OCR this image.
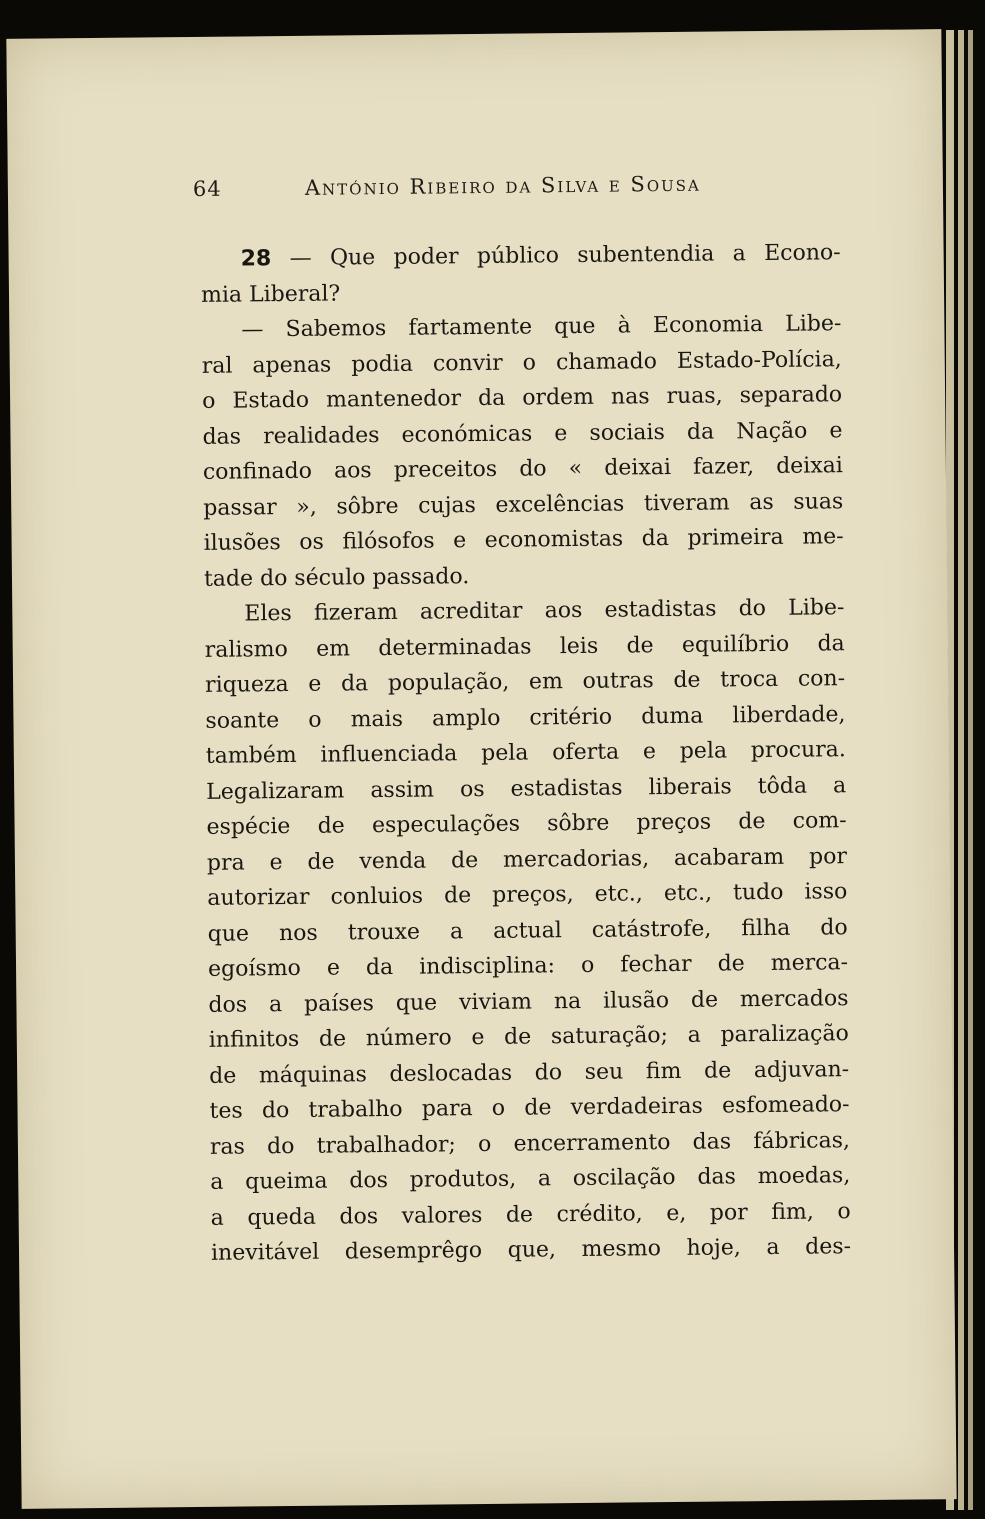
64	António Ribeiro da Silva e Sousa
28 — Que poder público subentendia a Econo-
mia Liberal?
— Sabemos fartamente que à Economia Libe-
ral apenas podia convir o chamado Estado-Polícia,
o Estado mantenedor da ordem nas ruas, separado
das realidades económicas e sociais da Nação e
confinado aos preceitos do « deixai fazer, deixai
passar », sôbre cujas excelências tiveram as suas
ilusões os filósofos e economistas da primeira me-
tade do século passado.
Eles fizeram acreditar aos estadistas do Libe-
ralismo em determinadas leis de equilíbrio da
riqueza e da população, em outras de troca con-
soante o mais amplo critério duma liberdade,
também influenciada pela oferta e pela procura.
Legalizaram assim os estadistas liberais tôda a
espécie de especulações sôbre preços de com-
pra e de venda de mercadorias, acabaram por
autorizar conluios de preços, etc., etc., tudo isso
que nos trouxe a actual catástrofe, filha do
egoísmo e da indisciplina: o fechar de merca-
dos a países que viviam na ilusão de mercados
infinitos de número e de saturação; a paralização
de máquinas deslocadas do seu fim de adjuvan-
tes do trabalho para o de verdadeiras esfomeado-
ras do trabalhador; o encerramento das fábricas,
a queima dos produtos, a oscilação das moedas,
a queda dos valores de crédito, e, por fim, o
inevitável desemprêgo que, mesmo hoje, a des-
